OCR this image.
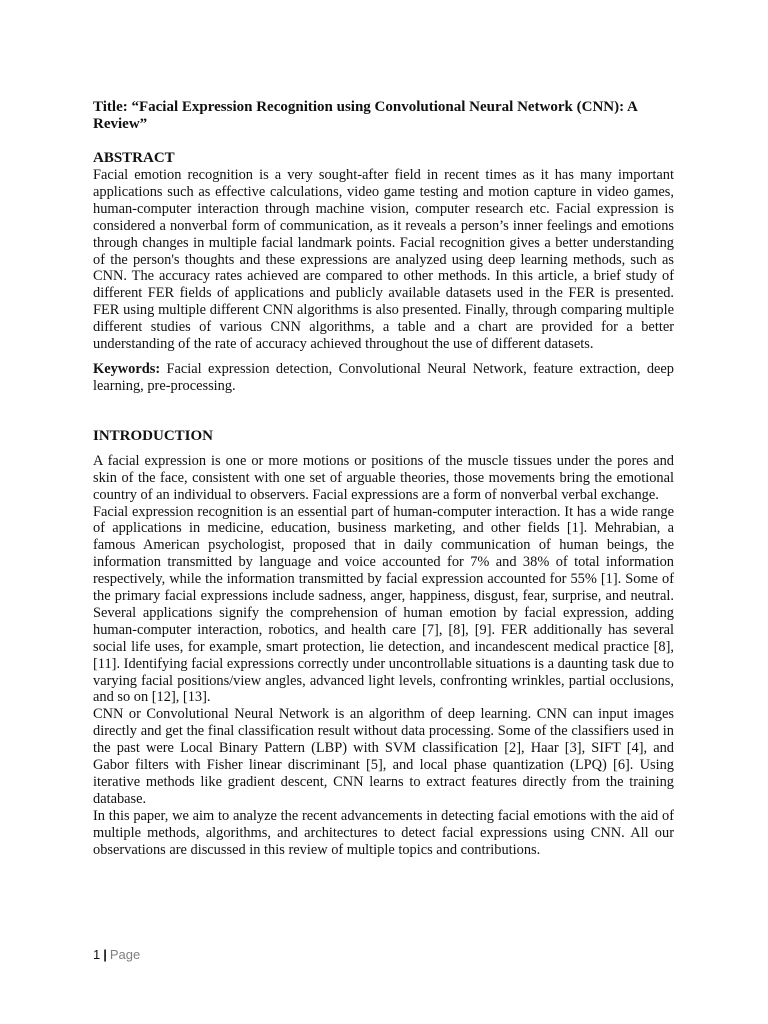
Title: “Facial Expression Recognition using Convolutional Neural Network (CNN): A Review”

ABSTRACT

Facial emotion recognition is a very sought-after field in recent times as it has many important applications such as effective calculations, video game testing and motion capture in video games, human-computer interaction through machine vision, computer research etc. Facial expression is considered a nonverbal form of communication, as it reveals a person’s inner feelings and emotions through changes in multiple facial landmark points. Facial recognition gives a better understanding of the person's thoughts and these expressions are analyzed using deep learning methods, such as CNN. The accuracy rates achieved are compared to other methods. In this article, a brief study of different FER fields of applications and publicly available datasets used in the FER is presented. FER using multiple different CNN algorithms is also presented. Finally, through comparing multiple different studies of various CNN algorithms, a table and a chart are provided for a better understanding of the rate of accuracy achieved throughout the use of different datasets.

Keywords: Facial expression detection, Convolutional Neural Network, feature extraction, deep learning, pre-processing.

INTRODUCTION

A facial expression is one or more motions or positions of the muscle tissues under the pores and skin of the face, consistent with one set of arguable theories, those movements bring the emotional country of an individual to observers. Facial expressions are a form of nonverbal verbal exchange.

Facial expression recognition is an essential part of human-computer interaction. It has a wide range of applications in medicine, education, business marketing, and other fields [1]. Mehrabian, a famous American psychologist, proposed that in daily communication of human beings, the information transmitted by language and voice accounted for 7% and 38% of total information respectively, while the information transmitted by facial expression accounted for 55% [1]. Some of the primary facial expressions include sadness, anger, happiness, disgust, fear, surprise, and neutral. Several applications signify the comprehension of human emotion by facial expression, adding human-computer interaction, robotics, and health care [7], [8], [9]. FER additionally has several social life uses, for example, smart protection, lie detection, and incandescent medical practice [8], [11]. Identifying facial expressions correctly under uncontrollable situations is a daunting task due to varying facial positions/view angles, advanced light levels, confronting wrinkles, partial occlusions, and so on [12], [13].

CNN or Convolutional Neural Network is an algorithm of deep learning. CNN can input images directly and get the final classification result without data processing. Some of the classifiers used in the past were Local Binary Pattern (LBP) with SVM classification [2], Haar [3], SIFT [4], and Gabor filters with Fisher linear discriminant [5], and local phase quantization (LPQ) [6]. Using iterative methods like gradient descent, CNN learns to extract features directly from the training database.

In this paper, we aim to analyze the recent advancements in detecting facial emotions with the aid of multiple methods, algorithms, and architectures to detect facial expressions using CNN. All our observations are discussed in this review of multiple topics and contributions.

1 | Page
